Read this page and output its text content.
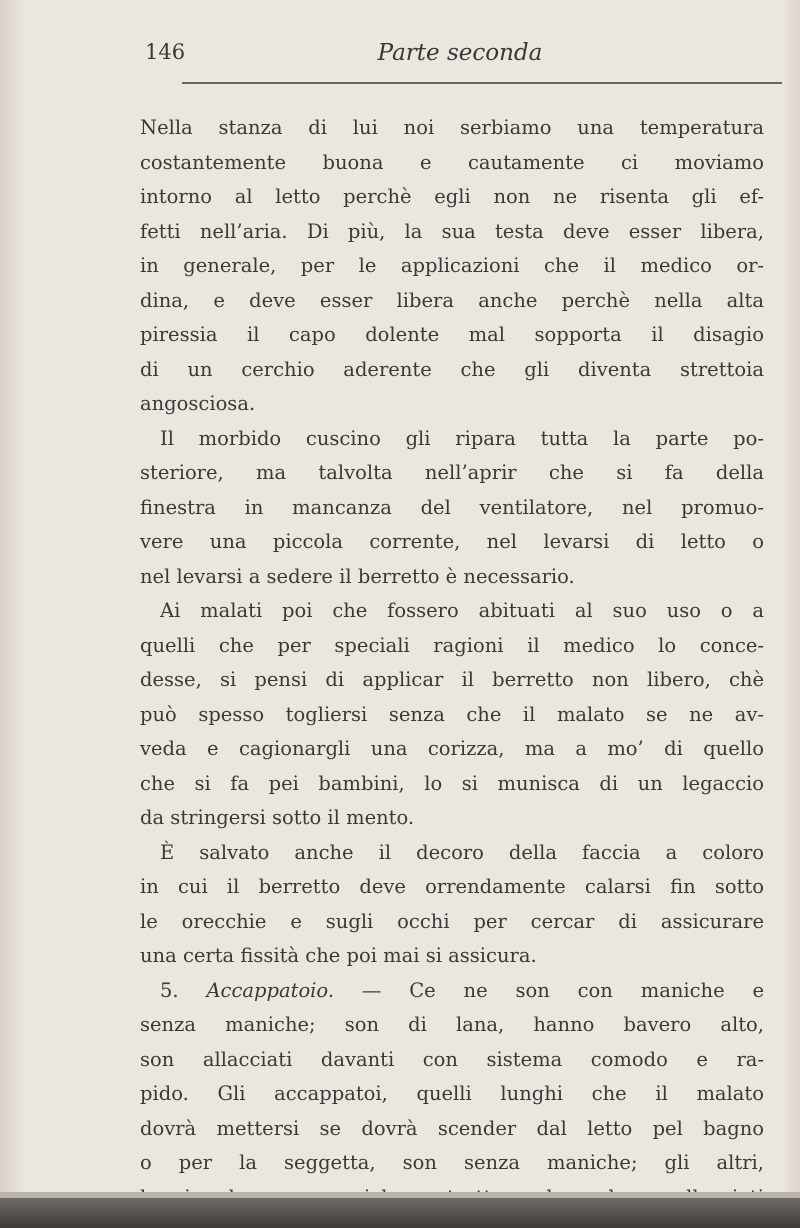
146	Parte seconda
Nella stanza di lui noi serbiamo una temperatura
costantemente buona e cautamente ci moviamo
intorno al letto perchè egli non ne risenta gli ef-
fetti nell’aria. Di più, la sua testa deve esser libera,
in generale, per le applicazioni che il medico or-
dina, e deve esser libera anche perchè nella alta
piressia il capo dolente mal sopporta il disagio
di un cerchio aderente che gli diventa strettoia
angosciosa.
Il morbido cuscino gli ripara tutta la parte po-
steriore, ma talvolta nell’aprir che si fa della
finestra in mancanza del ventilatore, nel promuo-
vere una piccola corrente, nel levarsi di letto o
nel levarsi a sedere il berretto è necessario.
Ai malati poi che fossero abituati al suo uso o a
quelli che per speciali ragioni il medico lo conce-
desse, si pensi di applicar il berretto non libero, chè
può spesso togliersi senza che il malato se ne av-
veda e cagionargli una corizza, ma a mo’ di quello
che si fa pei bambini, lo si munisca di un legaccio
da stringersi sotto il mento.
È salvato anche il decoro della faccia a coloro
in cui il berretto deve orrendamente calarsi fin sotto
le orecchie e sugli occhi per cercar di assicurare
una certa fissità che poi mai si assicura.
5. Accappatoio. — Ce ne son con maniche e
senza maniche; son di lana, hanno bavero alto,
son allacciati davanti con sistema comodo e ra-
pido. Gli accappatoi, quelli lunghi che il malato
dovrà mettersi se dovrà scender dal letto pel bagno
o per la seggetta, son senza maniche; gli altri,
